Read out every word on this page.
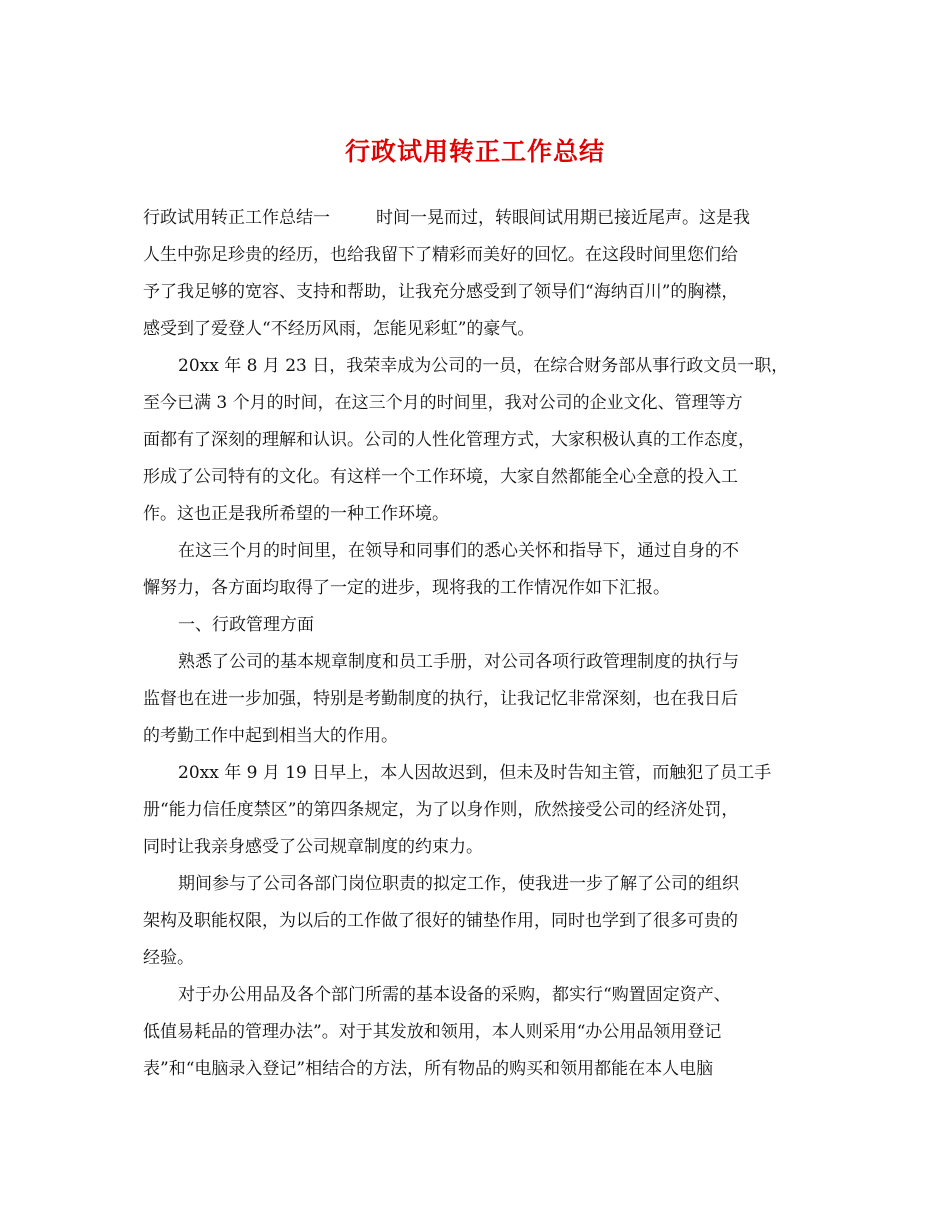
行政试用转正工作总结
行政试用转正工作总结一	时间一晃而过，转眼间试用期已接近尾声。这是我
人生中弥足珍贵的经历，也给我留下了精彩而美好的回忆。在这段时间里您们给
予了我足够的宽容、支持和帮助，让我充分感受到了领导们“海纳百川”的胸襟，
感受到了爱登人“不经历风雨，怎能见彩虹”的豪气。
20xx 年 8 月 23 日，我荣幸成为公司的一员，在综合财务部从事行政文员一职，
至今已满 3 个月的时间，在这三个月的时间里，我对公司的企业文化、管理等方
面都有了深刻的理解和认识。公司的人性化管理方式，大家积极认真的工作态度，
形成了公司特有的文化。有这样一个工作环境，大家自然都能全心全意的投入工
作。这也正是我所希望的一种工作环境。
在这三个月的时间里，在领导和同事们的悉心关怀和指导下，通过自身的不
懈努力，各方面均取得了一定的进步，现将我的工作情况作如下汇报。
一、行政管理方面
熟悉了公司的基本规章制度和员工手册，对公司各项行政管理制度的执行与
监督也在进一步加强，特别是考勤制度的执行，让我记忆非常深刻，也在我日后
的考勤工作中起到相当大的作用。
20xx 年 9 月 19 日早上，本人因故迟到，但未及时告知主管，而触犯了员工手
册“能力信任度禁区”的第四条规定，为了以身作则，欣然接受公司的经济处罚，
同时让我亲身感受了公司规章制度的约束力。
期间参与了公司各部门岗位职责的拟定工作，使我进一步了解了公司的组织
架构及职能权限，为以后的工作做了很好的铺垫作用，同时也学到了很多可贵的
经验。
对于办公用品及各个部门所需的基本设备的采购，都实行“购置固定资产、
低值易耗品的管理办法”。对于其发放和领用，本人则采用“办公用品领用登记
表”和“电脑录入登记”相结合的方法，所有物品的购买和领用都能在本人电脑
